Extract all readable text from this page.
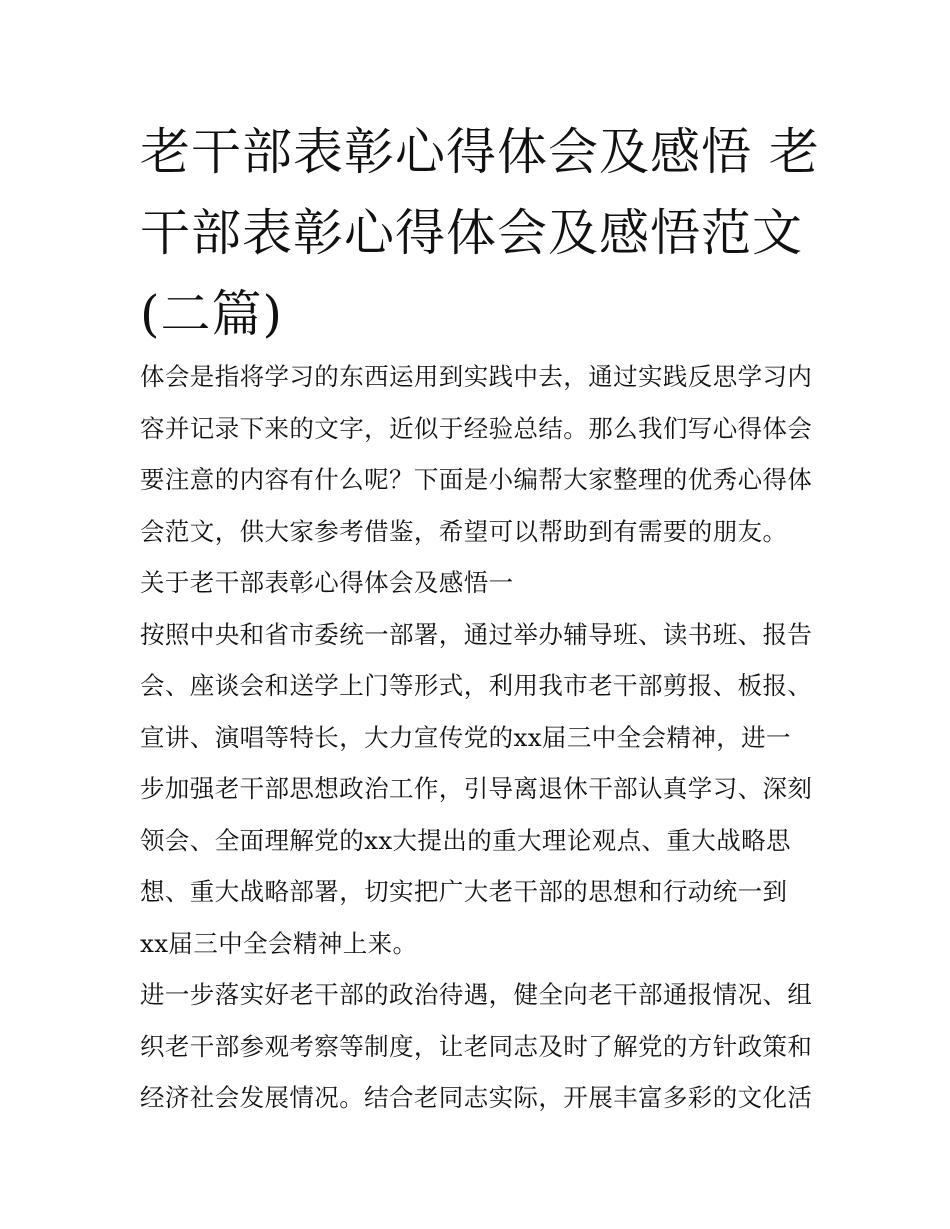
老干部表彰心得体会及感悟 老
干部表彰心得体会及感悟范文
(二篇)
体会是指将学习的东西运用到实践中去，通过实践反思学习内
容并记录下来的文字，近似于经验总结。那么我们写心得体会
要注意的内容有什么呢？下面是小编帮大家整理的优秀心得体
会范文，供大家参考借鉴，希望可以帮助到有需要的朋友。
关于老干部表彰心得体会及感悟一
按照中央和省市委统一部署，通过举办辅导班、读书班、报告
会、座谈会和送学上门等形式，利用我市老干部剪报、板报、
宣讲、演唱等特长，大力宣传党的xx届三中全会精神，进一
步加强老干部思想政治工作，引导离退休干部认真学习、深刻
领会、全面理解党的xx大提出的重大理论观点、重大战略思
想、重大战略部署，切实把广大老干部的思想和行动统一到
xx届三中全会精神上来。
进一步落实好老干部的政治待遇，健全向老干部通报情况、组
织老干部参观考察等制度，让老同志及时了解党的方针政策和
经济社会发展情况。结合老同志实际，开展丰富多彩的文化活
